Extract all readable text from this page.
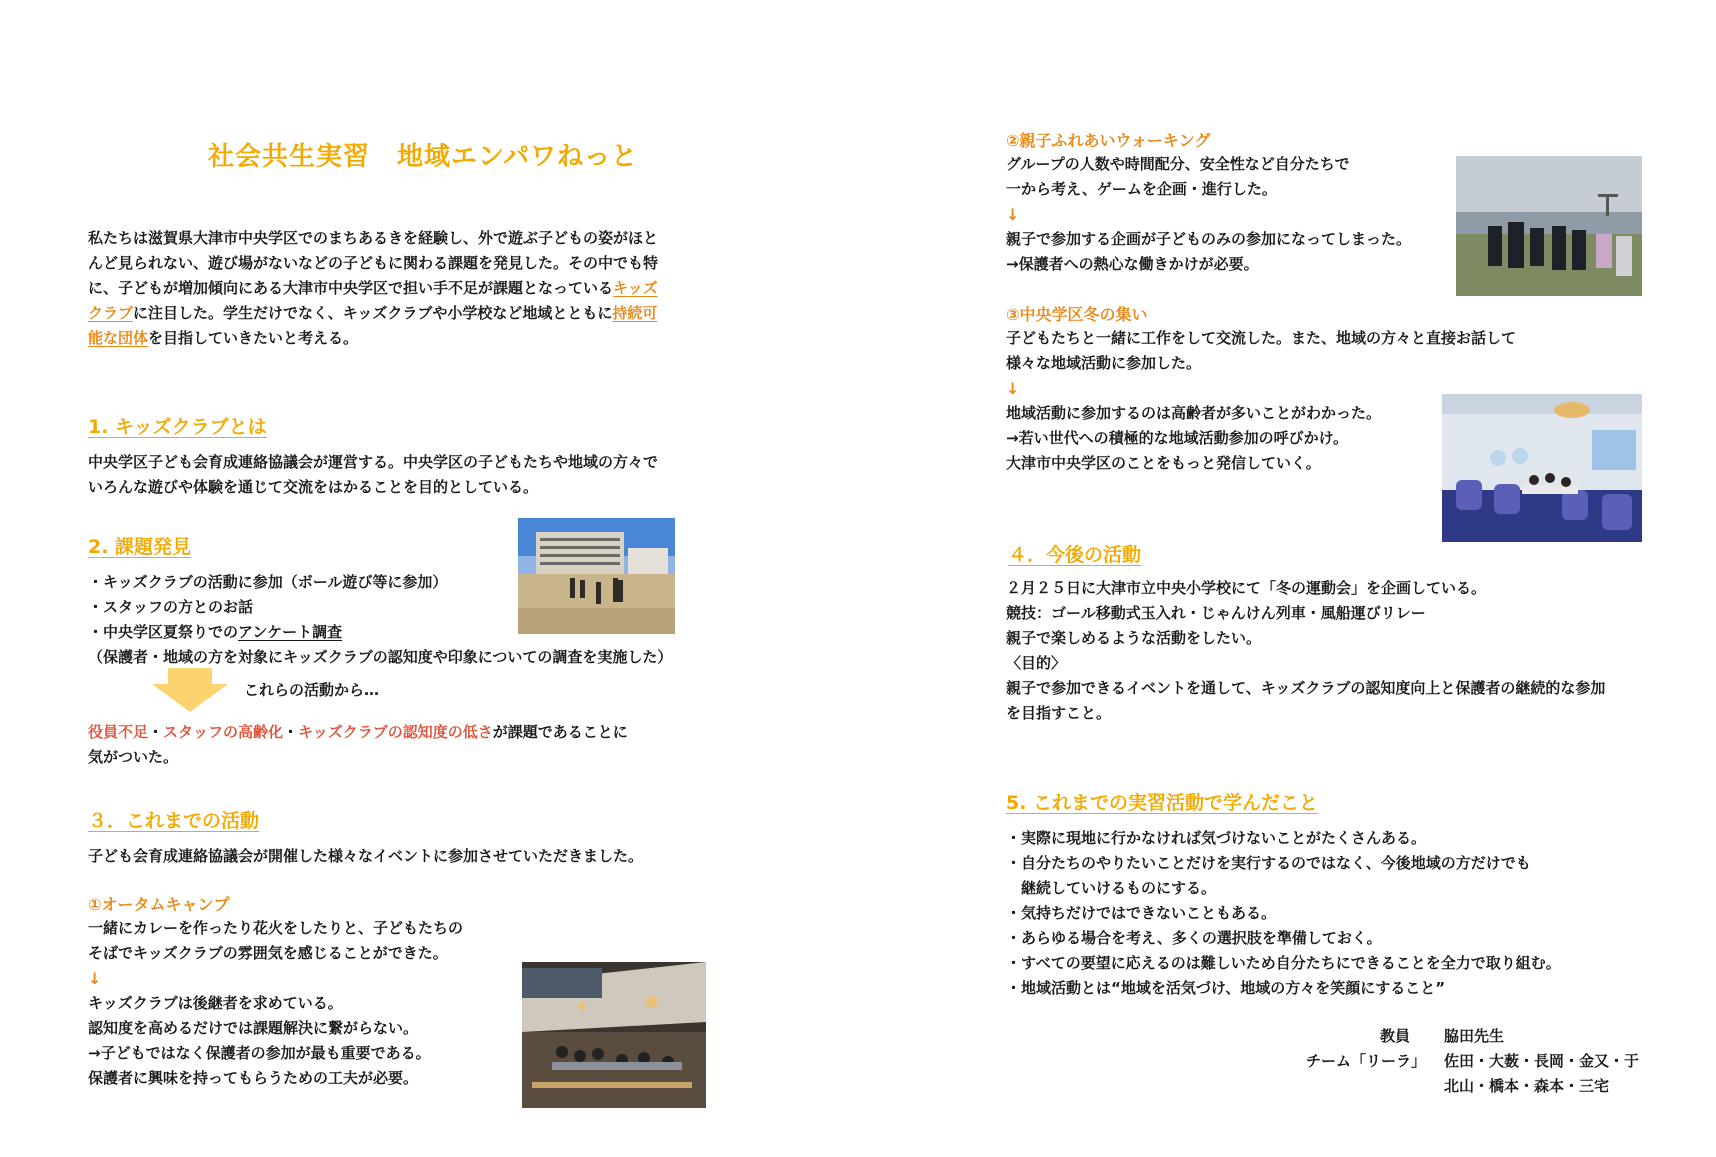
社会共生実習　地域エンパワねっと
私たちは滋賀県大津市中央学区でのまちあるきを経験し、外で遊ぶ子どもの姿がほと
んど見られない、遊び場がないなどの子どもに関わる課題を発見した。その中でも特
に、子どもが増加傾向にある大津市中央学区で担い手不足が課題となっているキッズ
クラブに注目した。学生だけでなく、キッズクラブや小学校など地域とともに持続可
能な団体を目指していきたいと考える。
1. キッズクラブとは
中央学区子ども会育成連絡協議会が運営する。中央学区の子どもたちや地域の方々で
いろんな遊びや体験を通じて交流をはかることを目的としている。
2. 課題発見
・キッズクラブの活動に参加（ボール遊び等に参加）
・スタッフの方とのお話
・中央学区夏祭りでのアンケート調査
（保護者・地域の方を対象にキッズクラブの認知度や印象についての調査を実施した）
これらの活動から…
役員不足・スタッフの高齢化・キッズクラブの認知度の低さが課題であることに
気がついた。
３．これまでの活動
子ども会育成連絡協議会が開催した様々なイベントに参加させていただきました。
①オータムキャンプ
一緒にカレーを作ったり花火をしたりと、子どもたちの
そばでキッズクラブの雰囲気を感じることができた。
↓
キッズクラブは後継者を求めている。
認知度を高めるだけでは課題解決に繋がらない。
→子どもではなく保護者の参加が最も重要である。
保護者に興味を持ってもらうための工夫が必要。
②親子ふれあいウォーキング
グループの人数や時間配分、安全性など自分たちで
一から考え、ゲームを企画・進行した。
↓
親子で参加する企画が子どものみの参加になってしまった。
→保護者への熱心な働きかけが必要。
③中央学区冬の集い
子どもたちと一緒に工作をして交流した。また、地域の方々と直接お話して
様々な地域活動に参加した。
↓
地域活動に参加するのは高齢者が多いことがわかった。
→若い世代への積極的な地域活動参加の呼びかけ。
大津市中央学区のことをもっと発信していく。
４．今後の活動
２月２５日に大津市立中央小学校にて「冬の運動会」を企画している。
競技：ゴール移動式玉入れ・じゃんけん列車・風船運びリレー
親子で楽しめるような活動をしたい。
〈目的〉
親子で参加できるイベントを通して、キッズクラブの認知度向上と保護者の継続的な参加
を目指すこと。
5. これまでの実習活動で学んだこと
・実際に現地に行かなければ気づけないことがたくさんある。
・自分たちのやりたいことだけを実行するのではなく、今後地域の方だけでも
　継続していけるものにする。
・気持ちだけではできないこともある。
・あらゆる場合を考え、多くの選択肢を準備しておく。
・すべての要望に応えるのは難しいため自分たちにできることを全力で取り組む。
・地域活動とは“地域を活気づけ、地域の方々を笑顔にすること”
教員 脇田先生
チーム「リーラ」 佐田・大薮・長岡・金又・于
北山・橋本・森本・三宅
